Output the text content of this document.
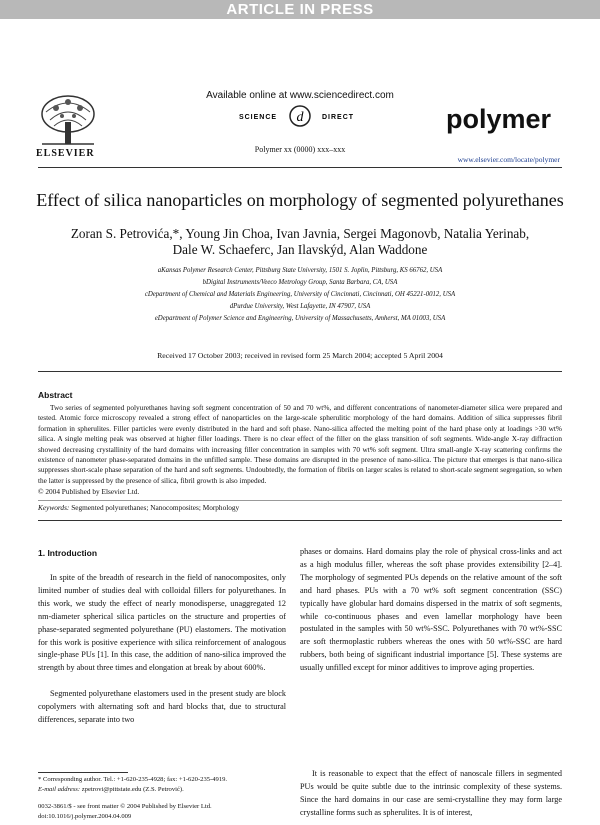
ARTICLE IN PRESS
ELSEVIER
Available online at www.sciencedirect.com
d
SCIENCE	DIRECT
Polymer xx (0000) xxx–xxx
polymer
www.elsevier.com/locate/polymer
Effect of silica nanoparticles on morphology of segmented polyurethanes
Zoran S. Petrovića,*, Young Jin Choa, Ivan Javnia, Sergei Magonovb, Natalia Yerinab,
Dale W. Schaeferc, Jan Ilavskýd, Alan Waddone
aKansas Polymer Research Center, Pittsburg State University, 1501 S. Joplin, Pittsburg, KS 66762, USA
bDigital Instruments/Veeco Metrology Group, Santa Barbara, CA, USA
cDepartment of Chemical and Materials Engineering, University of Cincinnati, Cincinnati, OH 45221-0012, USA
dPurdue University, West Lafayette, IN 47907, USA
eDepartment of Polymer Science and Engineering, University of Massachusetts, Amherst, MA 01003, USA
Received 17 October 2003; received in revised form 25 March 2004; accepted 5 April 2004
Abstract
Two series of segmented polyurethanes having soft segment concentration of 50 and 70 wt%, and different concentrations of nanometer-diameter silica were prepared and tested. Atomic force microscopy revealed a strong effect of nanoparticles on the large-scale spherulitic morphology of the hard domains. Addition of silica suppresses fibril formation in spherulites. Filler particles were evenly distributed in the hard and soft phase. Nano-silica affected the melting point of the hard phase only at loadings >30 wt% silica. A single melting peak was observed at higher filler loadings. There is no clear effect of the filler on the glass transition of soft segments. Wide-angle X-ray diffraction showed decreasing crystallinity of the hard domains with increasing filler concentration in samples with 70 wt% soft segment. Ultra small-angle X-ray scattering confirms the existence of nanometer phase-separated domains in the unfilled sample. These domains are disrupted in the presence of nano-silica. The picture that emerges is that nano-silica suppresses short-scale phase separation of the hard and soft segments. Undoubtedly, the formation of fibrils on larger scales is related to short-scale segment segregation, so when the latter is suppressed by the presence of silica, fibril growth is also impeded.
© 2004 Published by Elsevier Ltd.
Keywords: Segmented polyurethanes; Nanocomposites; Morphology
1. Introduction
In spite of the breadth of research in the field of nanocomposites, only limited number of studies deal with colloidal fillers for polyurethanes. In this work, we study the effect of nearly monodisperse, unaggregated 12 nm-diameter spherical silica particles on the structure and properties of phase-separated segmented polyurethane (PU) elastomers. The motivation for this work is positive experience with silica reinforcement of analogous single-phase PUs [1]. In this case, the addition of nano-silica improved the strength by about three times and elongation at break by about 600%.
Segmented polyurethane elastomers used in the present study are block copolymers with alternating soft and hard blocks that, due to structural differences, separate into two
phases or domains. Hard domains play the role of physical cross-links and act as a high modulus filler, whereas the soft phase provides extensibility [2–4]. The morphology of segmented PUs depends on the relative amount of the soft and hard phases. PUs with a 70 wt% soft segment concentration (SSC) typically have globular hard domains dispersed in the matrix of soft segments, while co-continuous phases and even lamellar morphology have been postulated in the samples with 50 wt%-SSC. Polyurethanes with 70 wt%-SSC are soft thermoplastic rubbers whereas the ones with 50 wt%-SSC are hard rubbers, both being of significant industrial importance [5]. These systems are usually unfilled except for minor additives to improve aging properties.
It is reasonable to expect that the effect of nanoscale fillers in segmented PUs would be quite subtle due to the intrinsic complexity of these systems. Since the hard domains in our case are semi-crystalline they may form large crystalline forms such as spherulites. It is of interest,
* Corresponding author. Tel.: +1-620-235-4928; fax: +1-620-235-4919.
E-mail address: zpetrovi@pittstate.edu (Z.S. Petrović).
0032-3861/$ - see front matter © 2004 Published by Elsevier Ltd.
doi:10.1016/j.polymer.2004.04.009
